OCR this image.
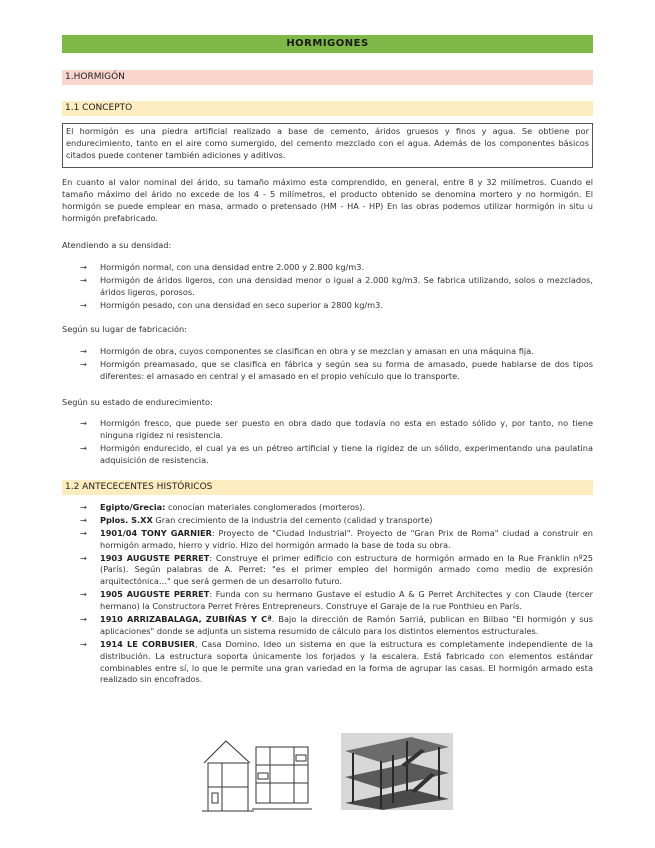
HORMIGONES
1.HORMIGÓN
1.1 CONCEPTO
El hormigón es una piedra artificial realizado a base de cemento, áridos gruesos y finos y agua. Se obtiene por endurecimiento, tanto en el aire como sumergido, del cemento mezclado con el agua. Además de los componentes básicos citados puede contener también adiciones y aditivos.
En cuanto al valor nominal del árido, su tamaño máximo esta comprendido, en general, entre 8 y 32 milímetros. Cuando el tamaño máximo del árido no excede de los 4 - 5 milímetros, el producto obtenido se denomina mortero y no hormigón. El hormigón se puede emplear en masa, armado o pretensado (HM - HA - HP) En las obras podemos utilizar hormigón in situ u hormigón prefabricado.
Atendiendo a su densidad:
→ Hormigón normal, con una densidad entre 2.000 y 2.800 kg/m3.
→ Hormigón de áridos ligeros, con una densidad menor o igual a 2.000 kg/m3. Se fabrica utilizando, solos o mezclados, áridos ligeros, porosos.
→ Hormigón pesado, con una densidad en seco superior a 2800 kg/m3.
Según su lugar de fabricación:
→ Hormigón de obra, cuyos componentes se clasifican en obra y se mezclan y amasan en una máquina fija.
→ Hormigón preamasado, que se clasifica en fábrica y según sea su forma de amasado, puede hablarse de dos tipos diferentes: el amasado en central y el amasado en el propio vehículo que lo transporte.
Según su estado de endurecimiento:
→ Hormigón fresco, que puede ser puesto en obra dado que todavía no esta en estado sólido y, por tanto, no tiene ninguna rigidez ni resistencia.
→ Hormigón endurecido, el cual ya es un pétreo artificial y tiene la rigidez de un sólido, experimentando una paulatina adquisición de resistencia.
1.2 ANTECECENTES HISTÓRICOS
→ Egipto/Grecia: conocían materiales conglomerados (morteros).
→ Pplos. S.XX Gran crecimiento de la industria del cemento (calidad y transporte)
→ 1901/04 TONY GARNIER: Proyecto de "Ciudad Industrial". Proyecto de "Gran Prix de Roma" ciudad a construir en hormigón armado, hierro y vidrio. Hizo del hormigón armado la base de toda su obra.
→ 1903 AUGUSTE PERRET: Construye el primer edificio con estructura de hormigón armado en la Rue Franklin nº25 (París). Según palabras de A. Perret: "es el primer empleo del hormigón armado como medio de expresión arquitectónica…" que será germen de un desarrollo futuro.
→ 1905 AUGUSTE PERRET: Funda con su hermano Gustave el estudio A & G Perret Architectes y con Claude (tercer hermano) la Constructora Perret Frères Entrepreneurs. Construye el Garaje de la rue Ponthieu en París.
→ 1910 ARRIZABALAGA, ZUBIÑAS Y Cª. Bajo la dirección de Ramón Sarriá, publican en Bilbao "El hormigón y sus aplicaciones" donde se adjunta un sistema resumido de cálculo para los distintos elementos estructurales.
→ 1914 LE CORBUSIER, Casa Domino. Ideo un sistema en que la estructura es completamente independiente de la distribución. La estructura soporta únicamente los forjados y la escalera. Está fabricado con elementos estándar combinables entre sí, lo que le permite una gran variedad en la forma de agrupar las casas. El hormigón armado esta realizado sin encofrados.
